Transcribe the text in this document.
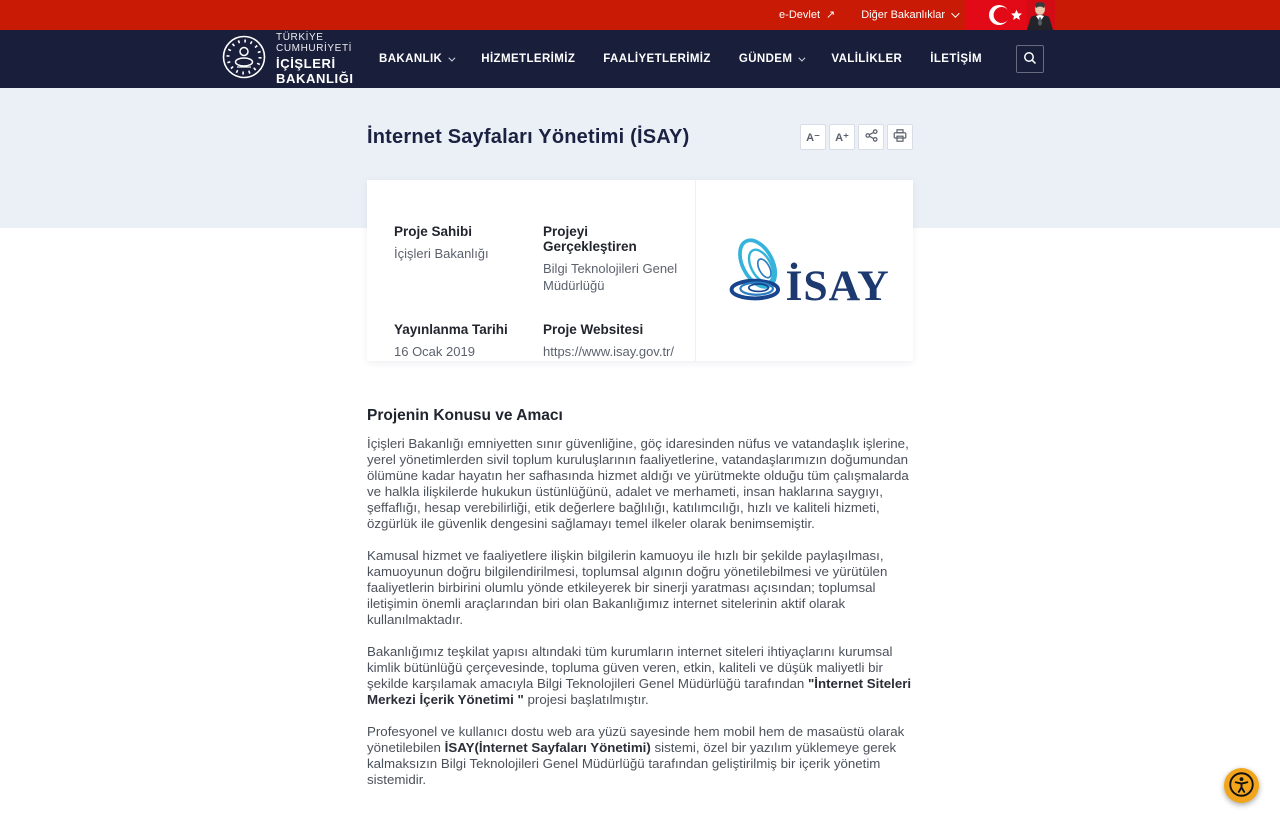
e-Devlet ↗ Diğer Bakanlıklar
TÜRKİYE CUMHURİYETİ
İÇİŞLERİ BAKANLIĞI
BAKANLIK	HİZMETLERİMİZ FAALİYETLERİMİZ GÜNDEM	VALİLİKLER İLETİŞİM
İnternet Sayfaları Yönetimi (İSAY)	A⁻	A⁺
Proje Sahibi
İçişleri Bakanlığı
Projeyi Gerçekleştiren
Bilgi Teknolojileri Genel Müdürlüğü
Yayınlanma Tarihi
16 Ocak 2019
Proje Websitesi
https://www.isay.gov.tr/
İSAY
Projenin Konusu ve Amacı

İçişleri Bakanlığı emniyetten sınır güvenliğine, göç idaresinden nüfus ve vatandaşlık işlerine, yerel yönetimlerden sivil toplum kuruluşlarının faaliyetlerine, vatandaşlarımızın doğumundan ölümüne kadar hayatın her safhasında hizmet aldığı ve yürütmekte olduğu tüm çalışmalarda ve halkla ilişkilerde hukukun üstünlüğünü, adalet ve merhameti, insan haklarına saygıyı, şeffaflığı, hesap verebilirliği, etik değerlere bağlılığı, katılımcılığı, hızlı ve kaliteli hizmeti, özgürlük ile güvenlik dengesini sağlamayı temel ilkeler olarak benimsemiştir.

Kamusal hizmet ve faaliyetlere ilişkin bilgilerin kamuoyu ile hızlı bir şekilde paylaşılması, kamuoyunun doğru bilgilendirilmesi, toplumsal algının doğru yönetilebilmesi ve yürütülen faaliyetlerin birbirini olumlu yönde etkileyerek bir sinerji yaratması açısından; toplumsal iletişimin önemli araçlarından biri olan Bakanlığımız internet sitelerinin aktif olarak kullanılmaktadır.

Bakanlığımız teşkilat yapısı altındaki tüm kurumların internet siteleri ihtiyaçlarını kurumsal kimlik bütünlüğü çerçevesinde, topluma güven veren, etkin, kaliteli ve düşük maliyetli bir şekilde karşılamak amacıyla Bilgi Teknolojileri Genel Müdürlüğü tarafından "İnternet Siteleri Merkezi İçerik Yönetimi " projesi başlatılmıştır.

Profesyonel ve kullanıcı dostu web ara yüzü sayesinde hem mobil hem de masaüstü olarak yönetilebilen İSAY(İnternet Sayfaları Yönetimi) sistemi, özel bir yazılım yüklemeye gerek kalmaksızın Bilgi Teknolojileri Genel Müdürlüğü tarafından geliştirilmiş bir içerik yönetim sistemidir.
